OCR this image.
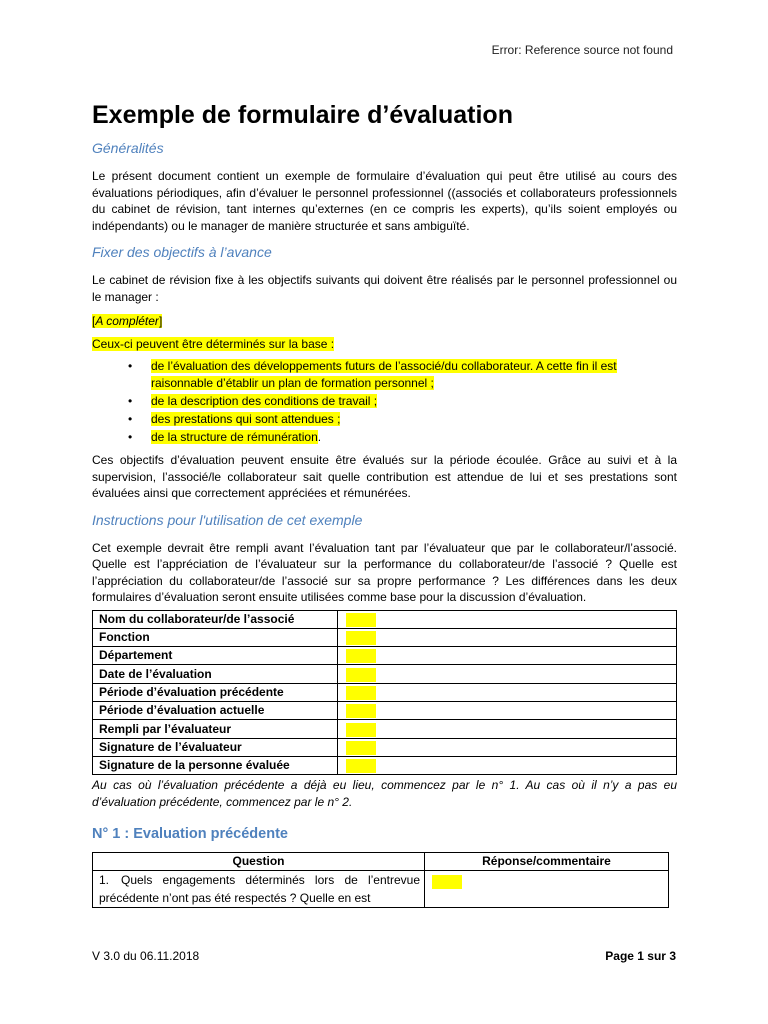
Error: Reference source not found
Exemple de formulaire d’évaluation
Généralités

Le présent document contient un exemple de formulaire d’évaluation qui peut être utilisé au cours des évaluations périodiques, afin d’évaluer le personnel professionnel ((associés et collaborateurs professionnels du cabinet de révision, tant internes qu’externes (en ce compris les experts), qu’ils soient employés ou indépendants) ou le manager de manière structurée et sans ambiguïté.

Fixer des objectifs à l’avance

Le cabinet de révision fixe à les objectifs suivants qui doivent être réalisés par le personnel professionnel ou le manager :

[A compléter]

Ceux-ci peuvent être déterminés sur la base :

• de l’évaluation des développements futurs de l’associé/du collaborateur. A cette fin il est raisonnable d’établir un plan de formation personnel ;
• de la description des conditions de travail ;
• des prestations qui sont attendues ;
• de la structure de rémunération.

Ces objectifs d’évaluation peuvent ensuite être évalués sur la période écoulée. Grâce au suivi et à la supervision, l’associé/le collaborateur sait quelle contribution est attendue de lui et ses prestations sont évaluées ainsi que correctement appréciées et rémunérées.

Instructions pour l'utilisation de cet exemple

Cet exemple devrait être rempli avant l’évaluation tant par l’évaluateur que par le collaborateur/l’associé. Quelle est l’appréciation de l’évaluateur sur la performance du collaborateur/de l’associé ? Quelle est l’appréciation du collaborateur/de l’associé sur sa propre performance ? Les différences dans les deux formulaires d’évaluation seront ensuite utilisées comme base pour la discussion d’évaluation.

Nom du collaborateur/de l’associé	
Fonction	
Département	
Date de l’évaluation	
Période d’évaluation précédente	
Période d’évaluation actuelle	
Rempli par l’évaluateur	
Signature de l’évaluateur	
Signature de la personne évaluée	

Au cas où l’évaluation précédente a déjà eu lieu, commencez par le n° 1. Au cas où il n’y a pas eu d’évaluation précédente, commencez par le n° 2.

N° 1 : Evaluation précédente
Question	Réponse/commentaire
1. Quels engagements déterminés lors de l’entrevue précédente n’ont pas été respectés ? Quelle en est	
V 3.0 du 06.11.2018	Page 1 sur 3
